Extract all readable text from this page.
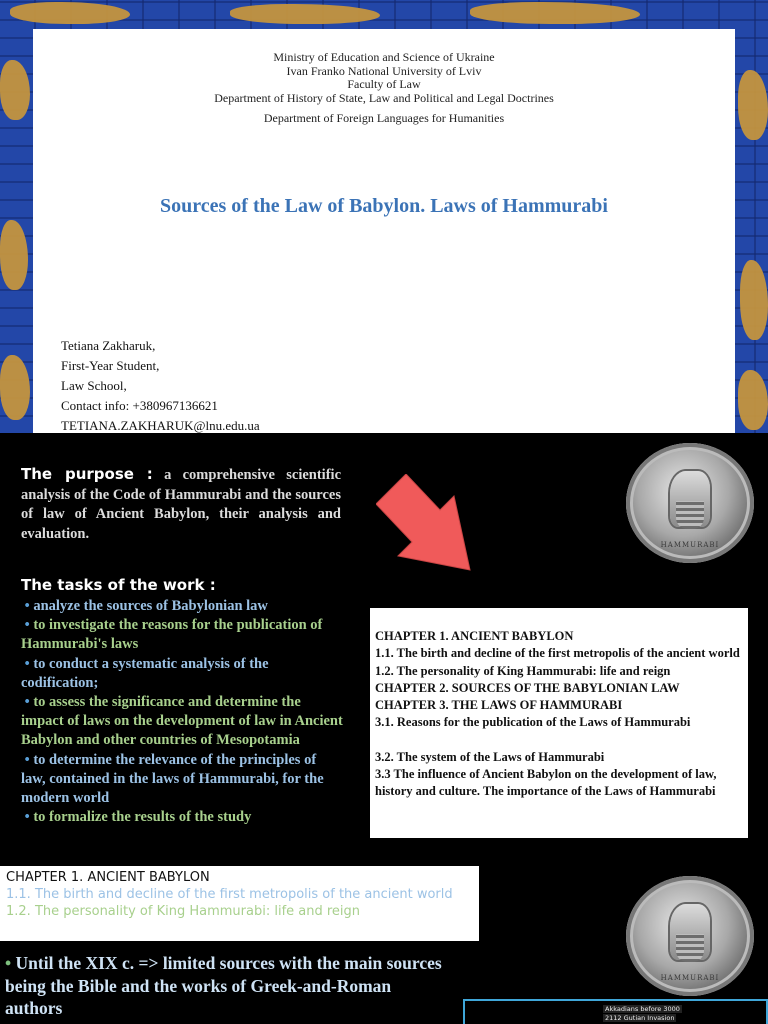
Ministry of Education and Science of Ukraine
Ivan Franko National University of Lviv
Faculty of Law
Department of History of State, Law and Political and Legal Doctrines
Department of Foreign Languages for Humanities
Sources of the Law of Babylon. Laws of Hammurabi
Tetiana Zakharuk,
First-Year Student,
Law School,
Contact info: +380967136621
TETIANA.ZAKHARUK@lnu.edu.ua
The purpose : a comprehensive scientific analysis of the Code of Hammurabi and the sources of law of Ancient Babylon, their analysis and evaluation.
The tasks of the work :
• analyze the sources of Babylonian law
• to investigate the reasons for the publication of Hammurabi's laws
• to conduct a systematic analysis of the codification;
• to assess the significance and determine the impact of laws on the development of law in Ancient Babylon and other countries of Mesopotamia
• to determine the relevance of the principles of law, contained in the laws of Hammurabi, for the modern world
• to formalize the results of the study
HAMMURABI
CHAPTER 1. ANCIENT BABYLON
1.1. The birth and decline of the first metropolis of the ancient world
1.2. The personality of King Hammurabi: life and reign
CHAPTER 2. SOURCES OF THE BABYLONIAN LAW
CHAPTER 3. THE LAWS OF HAMMURABI
3.1. Reasons for the publication of the Laws of Hammurabi
3.2. The system of the Laws of Hammurabi
3.3 The influence of Ancient Babylon on the development of law, history and culture. The importance of the Laws of Hammurabi
CHAPTER 1. ANCIENT BABYLON
1.1. The birth and decline of the first metropolis of the ancient world
1.2. The personality of King Hammurabi: life and reign
HAMMURABI
• Until the XIX c. => limited sources with the main sources being the Bible and the works of Greek-and-Roman authors	Akkadians before 3000
2112 Gutian Invasion
